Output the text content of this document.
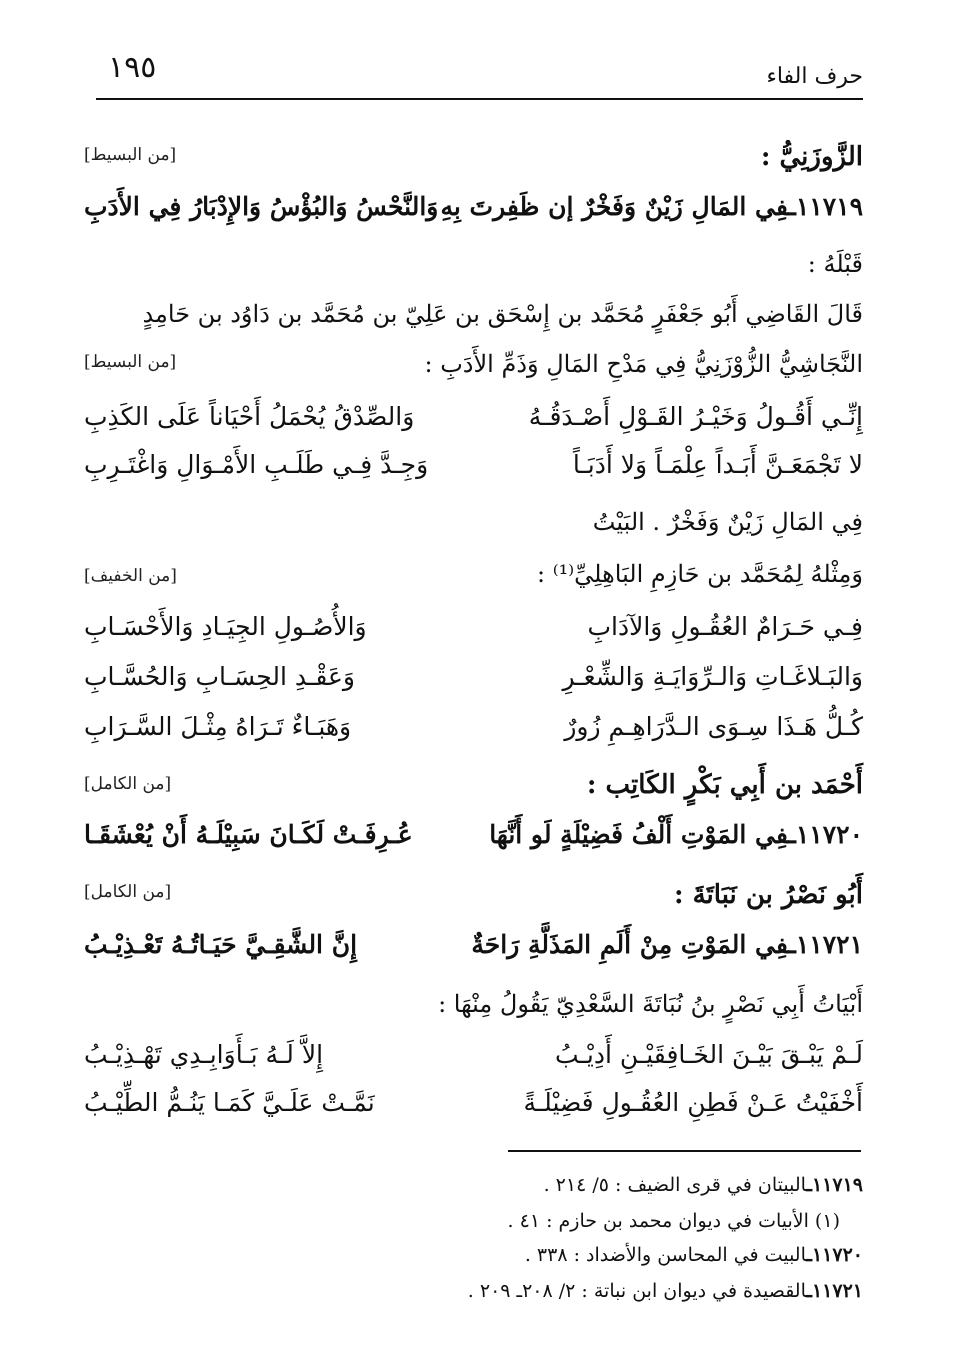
١٩٥	حرف الفاء
[من البسيط]	الزَّوزَنِيُّ :
١١٧١٩ـفِي المَالِ زَيْنٌ وَفَخْرٌ إن ظَفِرتَ بِهِ
وَالنَّحْسُ وَالبُؤْسُ وَالإِدْبَارُ فِي الأَدَبِ
قَبْلَهُ :
قَالَ القَاضِي أَبُو جَعْفَرٍ مُحَمَّد بن إِسْحَق بن عَلِيّ بن مُحَمَّد بن دَاوُد بن حَامِدٍ
النَّجَاشِيُّ الزُّوْزَنِيُّ فِي مَدْحِ المَالِ وَذَمِّ الأَدَبِ :
[من البسيط]
إِنِّـي أَقُـولُ وَخَيْـرُ القَـوْلِ أَصْـدَقُـهُ
وَالصِّدْقُ يُحْمَلُ أَحْيَاناً عَلَى الكَذِبِ
لا تَجْمَعَـنَّ أَبَـداً عِلْمَـاً وَلا أَدَبَـاً
وَجِـدَّ فِـي طَلَـبِ الأَمْـوَالِ وَاغْتَـرِبِ
فِي المَالِ زَيْنٌ وَفَخْرٌ . البَيْتُ
وَمِثْلهُ لِمُحَمَّد بن حَازِمِ البَاهِلِيِّ⁽¹⁾ :
[من الخفيف]
فِـي حَـرَامٌ العُقُـولِ وَالآدَابِ
وَالأُصُـولِ الجِيَـادِ وَالأَحْسَـابِ
وَالبَـلاغَـاتِ وَالـرِّوَايَـةِ وَالشِّعْـرِ
وَعَقْـدِ الحِسَـابِ وَالحُسَّـابِ
كُـلُّ هَـذَا سِـوَى الـدَّرَاهِـمِ زُورٌ
وَهَبَـاءٌ تَـرَاهُ مِثْـلَ السَّـرَابِ
أَحْمَد بن أَبِي بَكْرٍ الكَاتِب :
[من الكامل]
١١٧٢٠ـفِي المَوْتِ أَلْفُ فَضِيْلَةٍ لَو أَنَّهَا
عُـرِفَـتْ لَكَـانَ سَبِيْلَـهُ أَنْ يُعْشَقَـا
أَبُو نَصْرُ بن نَبَاتَةَ :
[من الكامل]
١١٧٢١ـفِي المَوْتِ مِنْ أَلَمِ المَذَلَّةِ رَاحَةٌ
إِنَّ الشَّقِـيَّ حَيَـاتُـهُ تَعْـذِيْـبُ
أَبْيَاتُ أَبِي نَصْرٍ بنُ نُبَاتَةَ السَّعْدِيّ يَقُولُ مِنْهَا :
لَـمْ يَبْـقَ بَيْـنَ الخَـافِقَيْـنِ أَدِيْـبُ
إِلاَّ لَـهُ بَـأَوَابِـدِي تَهْـذِيْـبُ
أَخْفَيْتُ عَـنْ فَطِنِ العُقُـولِ فَضِيْلَـةً
نَمَّـتْ عَلَـيَّ كَمَـا يَنُـمُّ الطِّيْـبُ
١١٧١٩ـالبيتان في قرى الضيف : ٥/ ٢١٤ .
(١) الأبيات في ديوان محمد بن حازم : ٤١ .
١١٧٢٠ـالبيت في المحاسن والأضداد : ٣٣٨ .
١١٧٢١ـالقصيدة في ديوان ابن نباتة : ٢/ ٢٠٨ـ ٢٠٩ .
